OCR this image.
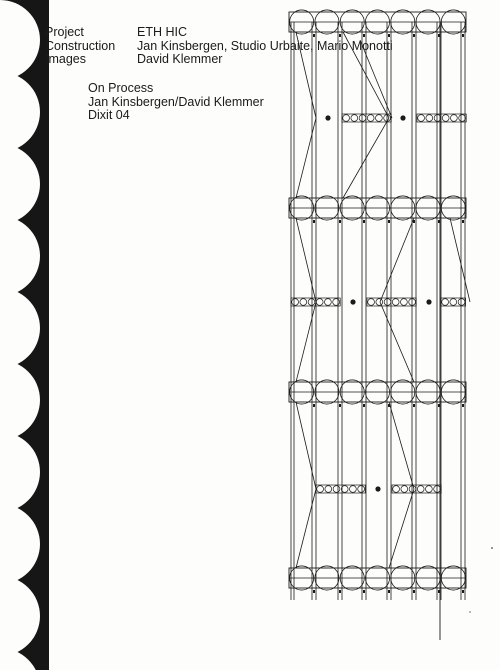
Project	ETH HIC
Construction	Jan Kinsbergen, Studio Urbaite, Mario Monotti
Images	David Klemmer
On Process
Jan Kinsbergen/David Klemmer
Dixit 04
